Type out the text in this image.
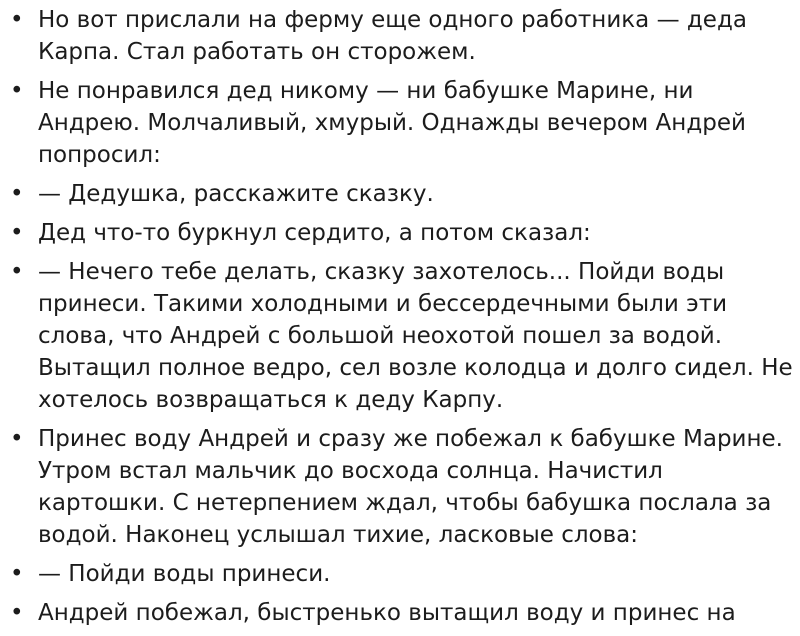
• Но вот прислали на ферму еще одного работника — деда Карпа. Стал работать он сторожем.
• Не понравился дед никому — ни бабушке Марине, ни Андрею. Молчаливый, хмурый. Однажды вечером Андрей попросил:
• — Дедушка, расскажите сказку.
• Дед что-то буркнул сердито, а потом сказал:
• — Нечего тебе делать, сказку захотелось... Пойди воды принеси. Такими холодными и бессердечными были эти слова, что Андрей с большой неохотой пошел за водой. Вытащил полное ведро, сел возле колодца и долго сидел. Не хотелось возвращаться к деду Карпу.
• Принес воду Андрей и сразу же побежал к бабушке Марине. Утром встал мальчик до восхода солнца. Начистил картошки. С нетерпением ждал, чтобы бабушка послала за водой. Наконец услышал тихие, ласковые слова:
• — Пойди воды принеси.
• Андрей побежал, быстренько вытащил воду и принес на
